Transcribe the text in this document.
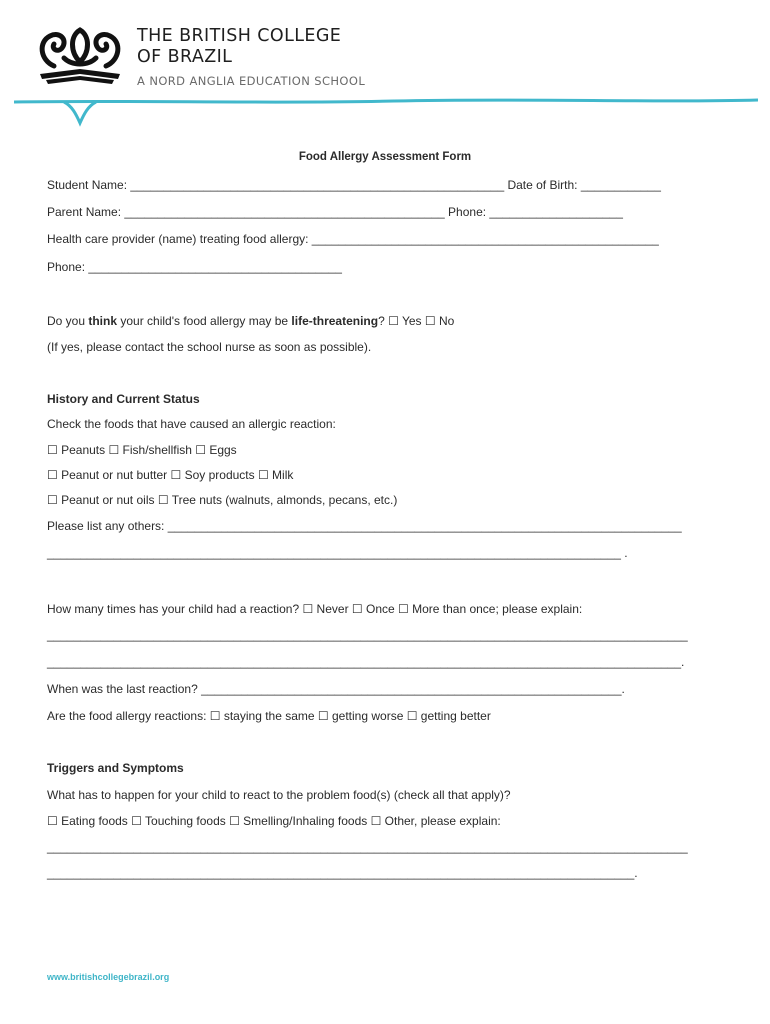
THE BRITISH COLLEGE
OF BRAZIL
A NORD ANGLIA EDUCATION SCHOOL
Food Allergy Assessment Form
Student Name: ________________________________________________________ Date of Birth: ____________
Parent Name: ________________________________________________ Phone: ____________________
Health care provider (name) treating food allergy: ____________________________________________________
Phone: ______________________________________
Do you think your child's food allergy may be life-threatening? ☐ Yes ☐ No
(If yes, please contact the school nurse as soon as possible).
History and Current Status
Check the foods that have caused an allergic reaction:
☐ Peanuts ☐ Fish/shellfish ☐ Eggs
☐ Peanut or nut butter ☐ Soy products ☐ Milk
☐ Peanut or nut oils ☐ Tree nuts (walnuts, almonds, pecans, etc.)
Please list any others: _____________________________________________________________________________
______________________________________________________________________________________ .
How many times has your child had a reaction? ☐ Never ☐ Once ☐ More than once; please explain:
________________________________________________________________________________________________
_______________________________________________________________________________________________.
When was the last reaction? _______________________________________________________________.
Are the food allergy reactions: ☐ staying the same ☐ getting worse ☐ getting better
Triggers and Symptoms
What has to happen for your child to react to the problem food(s) (check all that apply)?
☐ Eating foods ☐ Touching foods ☐ Smelling/Inhaling foods ☐ Other, please explain:
________________________________________________________________________________________________
________________________________________________________________________________________.
www.britishcollegebrazil.org
